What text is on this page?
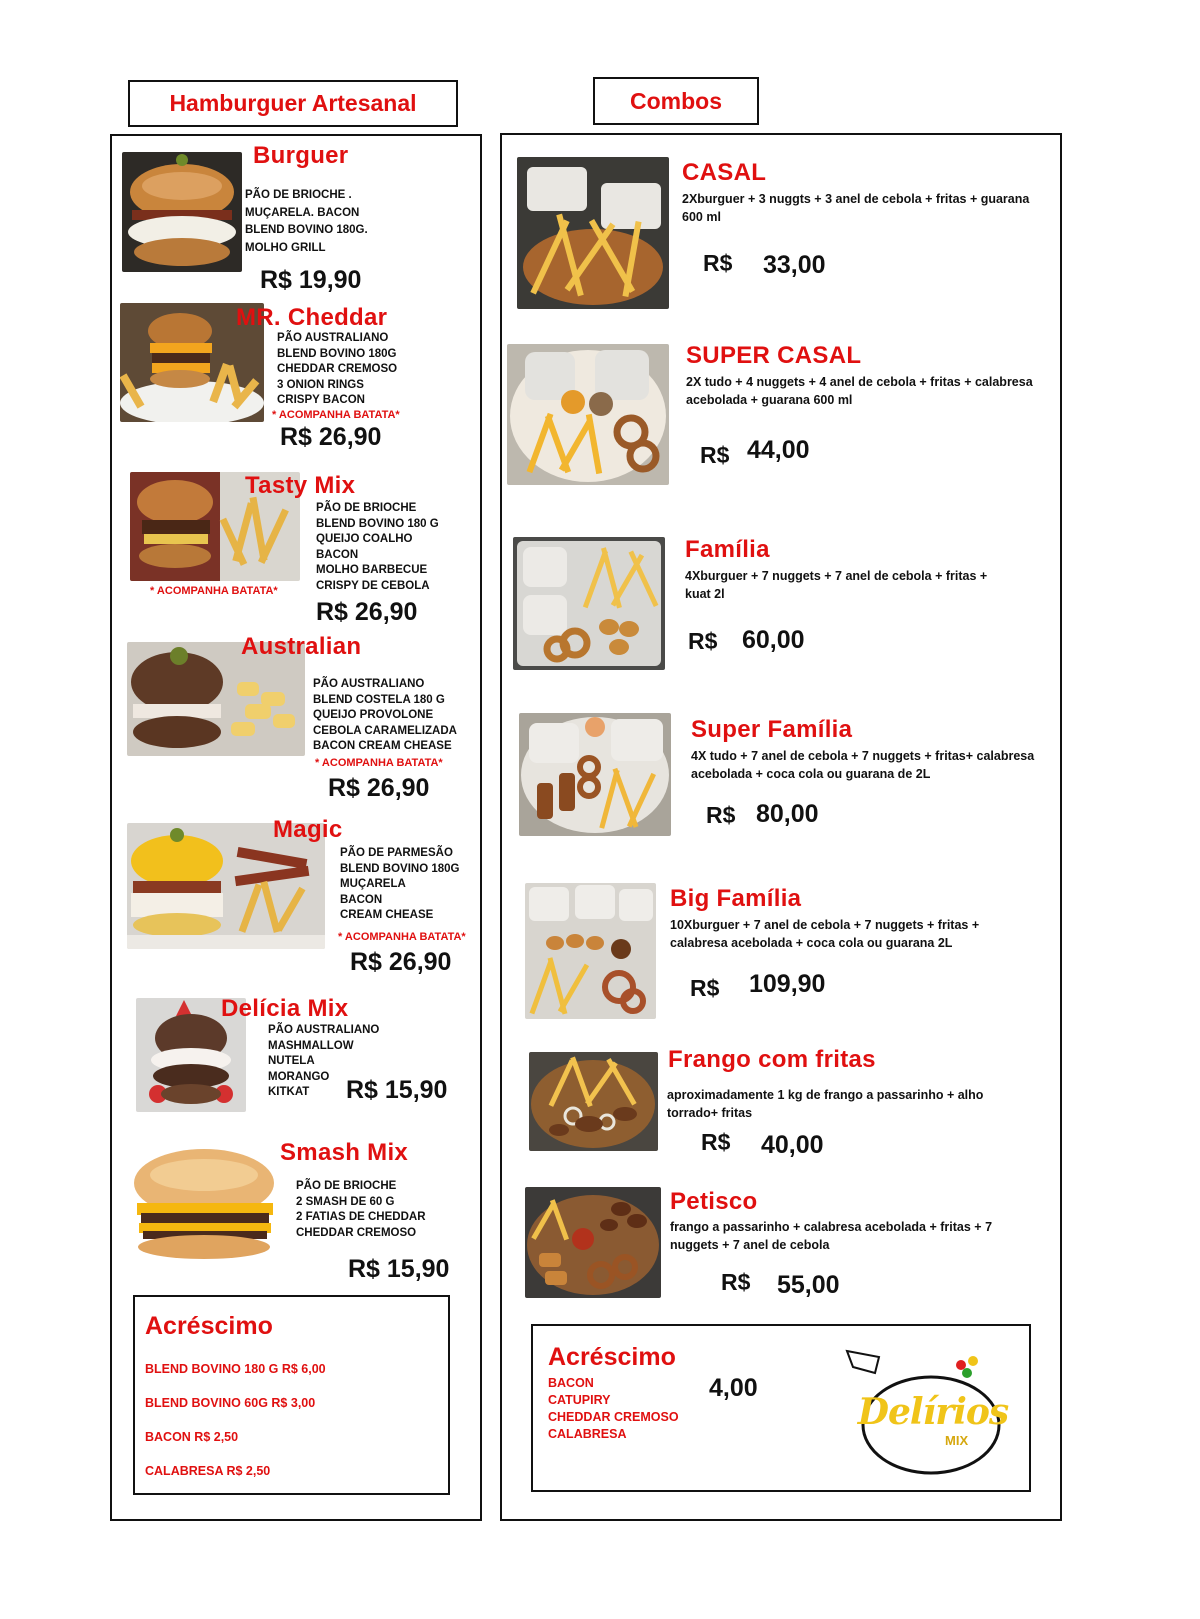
Hamburguer Artesanal	Combos
Burguer
PÃO DE BRIOCHE .
MUÇARELA. BACON
BLEND BOVINO 180G.
MOLHO GRILL
R$ 19,90
MR. Cheddar
PÃO AUSTRALIANO
BLEND BOVINO 180G
CHEDDAR CREMOSO
3 ONION RINGS
CRISPY BACON
* ACOMPANHA BATATA*
R$ 26,90
Tasty Mix
PÃO DE BRIOCHE
BLEND BOVINO 180 G
QUEIJO COALHO
BACON
MOLHO BARBECUE
CRISPY DE CEBOLA
* ACOMPANHA BATATA*
R$ 26,90
Australian
PÃO AUSTRALIANO
BLEND COSTELA 180 G
QUEIJO PROVOLONE
CEBOLA CARAMELIZADA
BACON CREAM CHEASE
* ACOMPANHA BATATA*
R$ 26,90
Magic
PÃO DE PARMESÃO
BLEND BOVINO 180G
MUÇARELA
BACON
CREAM CHEASE
* ACOMPANHA BATATA*
R$ 26,90
Delícia Mix
PÃO AUSTRALIANO
MASHMALLOW
NUTELA
MORANGO
KITKAT	R$ 15,90
Smash Mix
PÃO DE BRIOCHE
2 SMASH DE 60 G
2 FATIAS DE CHEDDAR
CHEDDAR CREMOSO
R$ 15,90
Acréscimo
BLEND BOVINO 180 G R$ 6,00
BLEND BOVINO 60G R$ 3,00
BACON R$ 2,50
CALABRESA R$ 2,50
CASAL
2Xburguer + 3 nuggts + 3 anel de cebola + fritas + guarana 600 ml
R$ 33,00
SUPER CASAL
2X tudo + 4 nuggets + 4 anel de cebola + fritas + calabresa acebolada + guarana 600 ml
R$ 44,00
Família
4Xburguer + 7 nuggets + 7 anel de cebola + fritas + kuat 2l
R$ 60,00
Super Família
4X tudo + 7 anel de cebola + 7 nuggets + fritas+ calabresa acebolada + coca cola ou guarana de 2L
R$ 80,00
Big Família
10Xburguer + 7 anel de cebola + 7 nuggets + fritas + calabresa acebolada + coca cola ou guarana 2L
R$ 109,90
Frango com fritas
aproximadamente 1 kg de frango a passarinho + alho torrado+ fritas
R$ 40,00
Petisco
frango a passarinho + calabresa acebolada + fritas + 7 nuggets + 7 anel de cebola
R$ 55,00
Acréscimo
BACON
CATUPIRY
CHEDDAR CREMOSO
CALABRESA
4,00
Delírios
MIX
